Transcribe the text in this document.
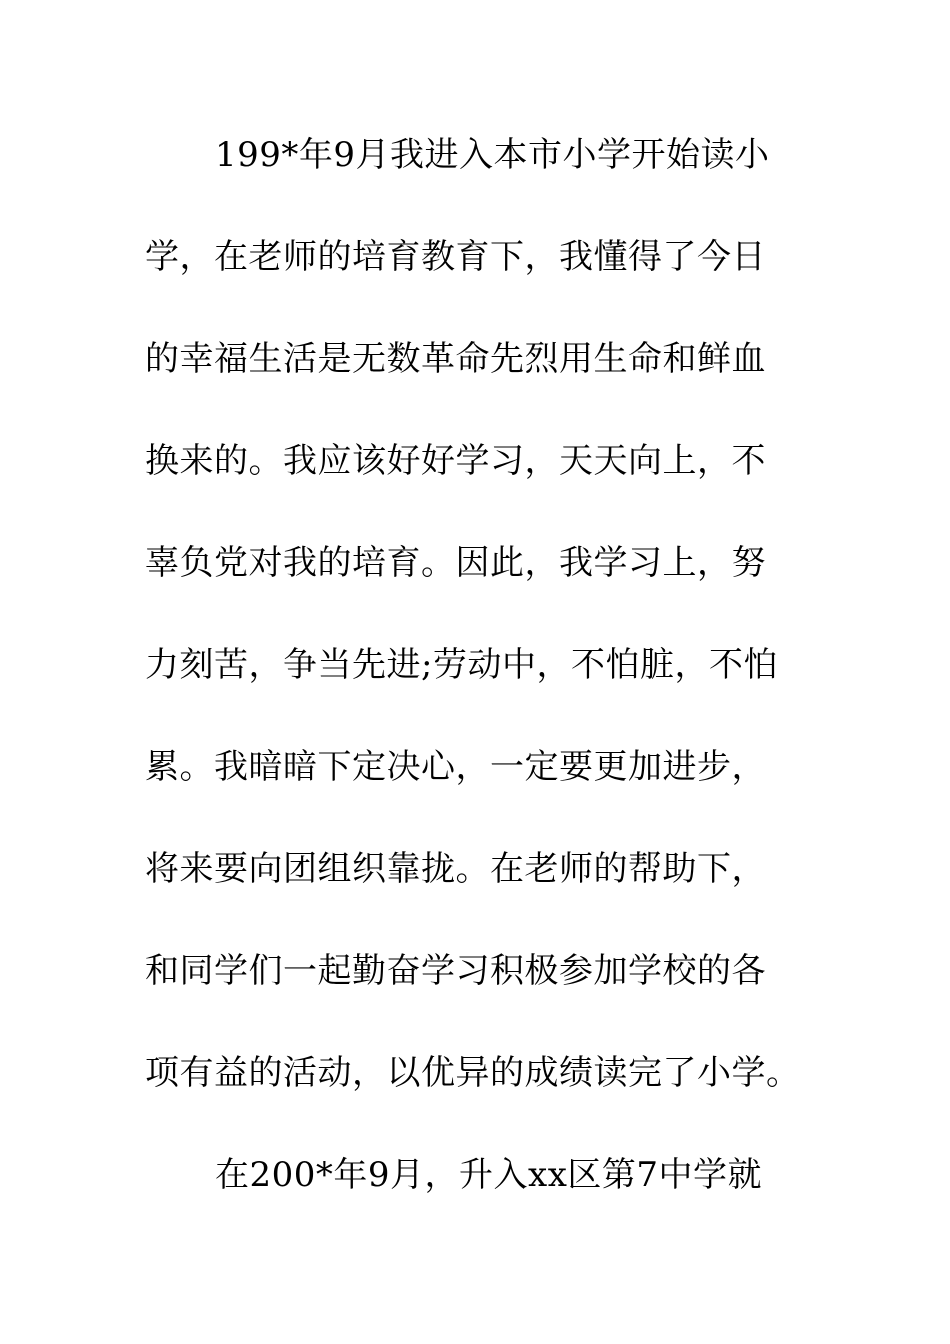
199*年9月我进入本市小学开始读小
学，在老师的培育教育下，我懂得了今日
的幸福生活是无数革命先烈用生命和鲜血
换来的。我应该好好学习，天天向上，不
辜负党对我的培育。因此，我学习上，努
力刻苦，争当先进;劳动中，不怕脏，不怕
累。我暗暗下定决心，一定要更加进步，
将来要向团组织靠拢。在老师的帮助下，
和同学们一起勤奋学习积极参加学校的各
项有益的活动，以优异的成绩读完了小学。
在200*年9月，升入xx区第7中学就
